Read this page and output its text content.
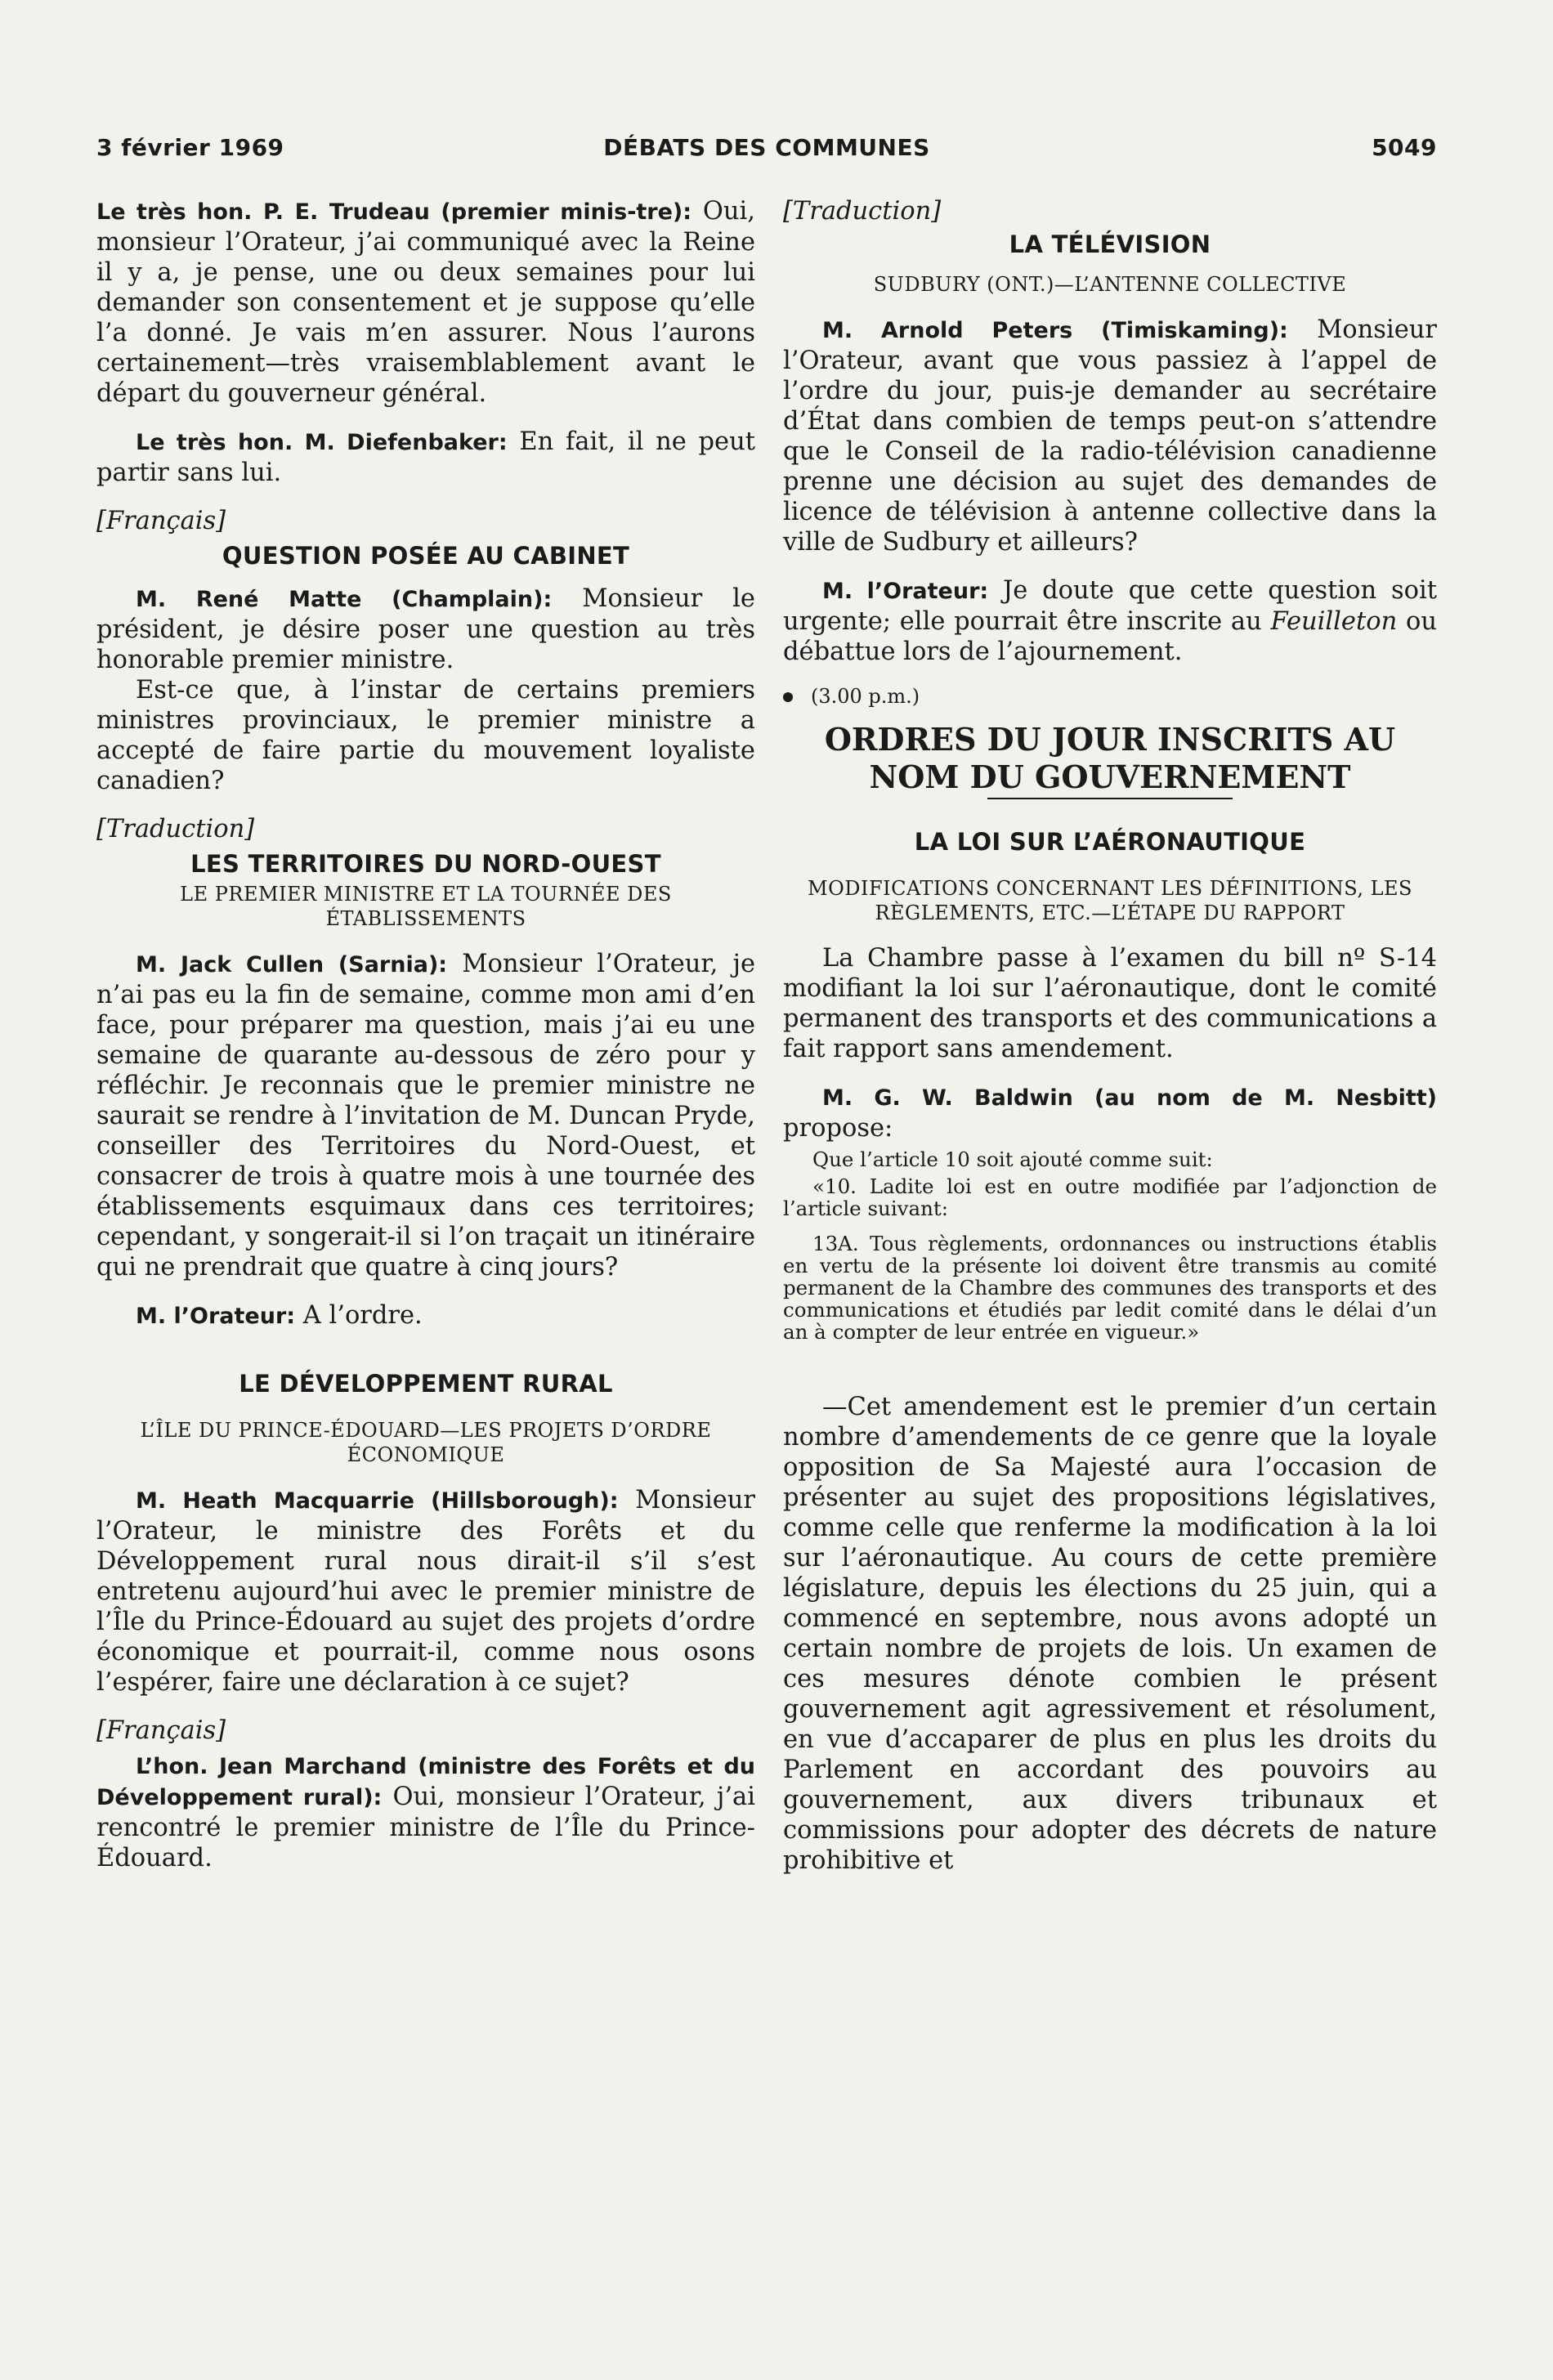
3 février 1969	DÉBATS DES COMMUNES	5049

Le très hon. P. E. Trudeau (premier minis-tre): Oui, monsieur l’Orateur, j’ai communiqué avec la Reine il y a, je pense, une ou deux semaines pour lui demander son consentement et je suppose qu’elle l’a donné. Je vais m’en assurer. Nous l’aurons certainement—très vraisemblablement avant le départ du gouverneur général.

Le très hon. M. Diefenbaker: En fait, il ne peut partir sans lui.

[Français]

QUESTION POSÉE AU CABINET

M. René Matte (Champlain): Monsieur le président, je désire poser une question au très honorable premier ministre.

Est-ce que, à l’instar de certains premiers ministres provinciaux, le premier ministre a accepté de faire partie du mouvement loyaliste canadien?

[Traduction]

LES TERRITOIRES DU NORD-OUEST
LE PREMIER MINISTRE ET LA TOURNÉE DES ÉTABLISSEMENTS

M. Jack Cullen (Sarnia): Monsieur l’Orateur, je n’ai pas eu la fin de semaine, comme mon ami d’en face, pour préparer ma question, mais j’ai eu une semaine de quarante au-dessous de zéro pour y réfléchir. Je reconnais que le premier ministre ne saurait se rendre à l’invitation de M. Duncan Pryde, conseiller des Territoires du Nord-Ouest, et consacrer de trois à quatre mois à une tournée des établissements esquimaux dans ces territoires; cependant, y songerait-il si l’on traçait un itinéraire qui ne prendrait que quatre à cinq jours?

M. l’Orateur: A l’ordre.

LE DÉVELOPPEMENT RURAL
L’ÎLE DU PRINCE-ÉDOUARD—LES PROJETS D’ORDRE ÉCONOMIQUE

M. Heath Macquarrie (Hillsborough): Monsieur l’Orateur, le ministre des Forêts et du Développement rural nous dirait-il s’il s’est entretenu aujourd’hui avec le premier ministre de l’Île du Prince-Édouard au sujet des projets d’ordre économique et pourrait-il, comme nous osons l’espérer, faire une déclaration à ce sujet?

[Français]

L’hon. Jean Marchand (ministre des Forêts et du Développement rural): Oui, monsieur l’Orateur, j’ai rencontré le premier ministre de l’Île du Prince-Édouard.

[Traduction]

LA TÉLÉVISION
SUDBURY (ONT.)—L’ANTENNE COLLECTIVE

M. Arnold Peters (Timiskaming): Monsieur l’Orateur, avant que vous passiez à l’appel de l’ordre du jour, puis-je demander au secrétaire d’État dans combien de temps peut-on s’attendre que le Conseil de la radio-télévision canadienne prenne une décision au sujet des demandes de licence de télévision à antenne collective dans la ville de Sudbury et ailleurs?

M. l’Orateur: Je doute que cette question soit urgente; elle pourrait être inscrite au Feuilleton ou débattue lors de l’ajournement.

(3.00 p.m.)
ORDRES DU JOUR INSCRITS AU NOM DU GOUVERNEMENT
LA LOI SUR L’AÉRONAUTIQUE
MODIFICATIONS CONCERNANT LES DÉFINITIONS, LES RÈGLEMENTS, ETC.—L’ÉTAPE DU RAPPORT

La Chambre passe à l’examen du bill nº S-14 modifiant la loi sur l’aéronautique, dont le comité permanent des transports et des communications a fait rapport sans amendement.

M. G. W. Baldwin (au nom de M. Nesbitt) propose:

Que l’article 10 soit ajouté comme suit:

«10. Ladite loi est en outre modifiée par l’adjonction de l’article suivant:

13A. Tous règlements, ordonnances ou instructions établis en vertu de la présente loi doivent être transmis au comité permanent de la Chambre des communes des transports et des communications et étudiés par ledit comité dans le délai d’un an à compter de leur entrée en vigueur.»

—Cet amendement est le premier d’un certain nombre d’amendements de ce genre que la loyale opposition de Sa Majesté aura l’occasion de présenter au sujet des propositions législatives, comme celle que renferme la modification à la loi sur l’aéronautique. Au cours de cette première législature, depuis les élections du 25 juin, qui a commencé en septembre, nous avons adopté un certain nombre de projets de lois. Un examen de ces mesures dénote combien le présent gouvernement agit agressivement et résolument, en vue d’accaparer de plus en plus les droits du Parlement en accordant des pouvoirs au gouvernement, aux divers tribunaux et commissions pour adopter des décrets de nature prohibitive et
